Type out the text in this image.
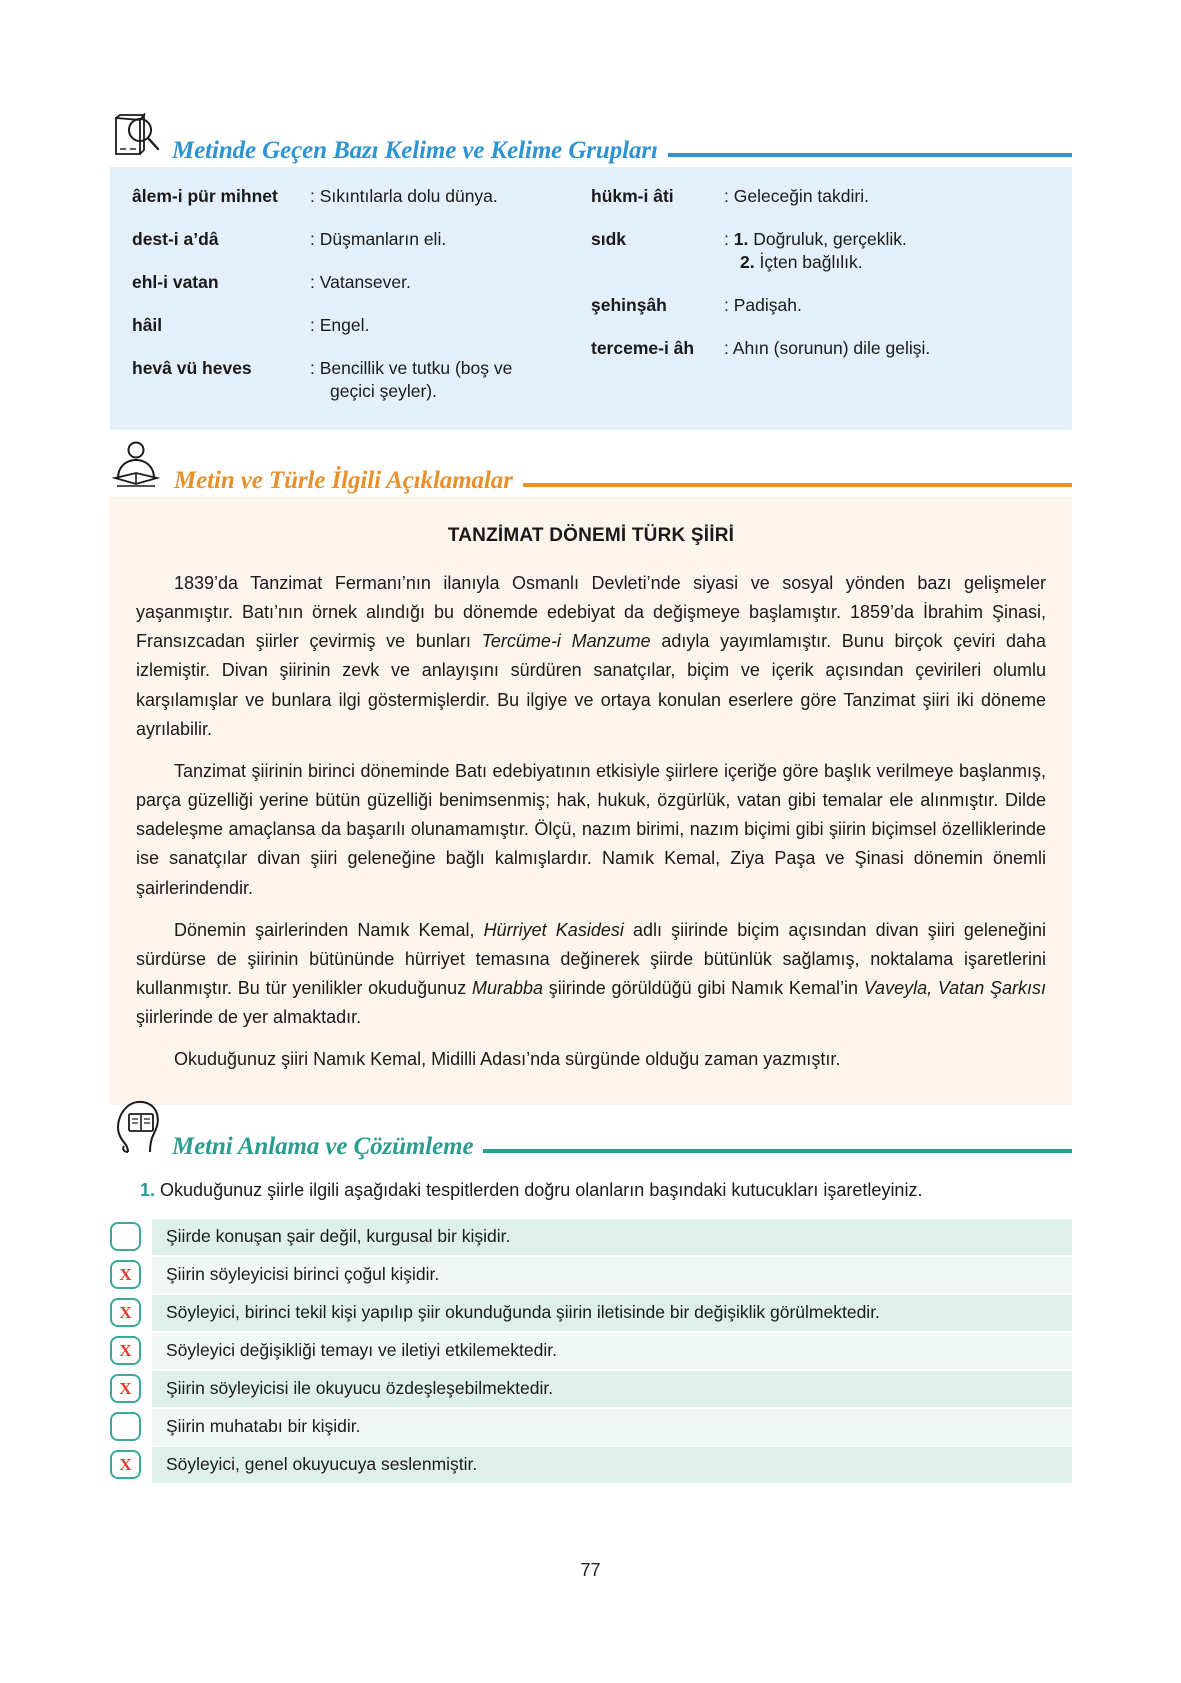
Metinde Geçen Bazı Kelime ve Kelime Grupları
âlem-i pür mihnet	: Sıkıntılarla dolu dünya.
dest-i a’dâ	: Düşmanların eli.
ehl-i vatan	: Vatansever.
hâil	: Engel.
hevâ vü heves	: Bencillik ve tutku (boş ve
geçici şeyler).
hükm-i âti	: Geleceğin takdiri.
sıdk	: 1. Doğruluk, gerçeklik.
2. İçten bağlılık.
şehinşâh	: Padişah.
terceme-i âh	: Ahın (sorunun) dile gelişi.
Metin ve Türle İlgili Açıklamalar
TANZİMAT DÖNEMİ TÜRK ŞİİRİ

1839’da Tanzimat Fermanı’nın ilanıyla Osmanlı Devleti’nde siyasi ve sosyal yönden bazı gelişmeler yaşanmıştır. Batı’nın örnek alındığı bu dönemde edebiyat da değişmeye başlamıştır. 1859’da İbrahim Şinasi, Fransızcadan şiirler çevirmiş ve bunları Tercüme-i Manzume adıyla yayımlamıştır. Bunu birçok çeviri daha izlemiştir. Divan şiirinin zevk ve anlayışını sürdüren sanatçılar, biçim ve içerik açısından çevirileri olumlu karşılamışlar ve bunlara ilgi göstermişlerdir. Bu ilgiye ve ortaya konulan eserlere göre Tanzimat şiiri iki döneme ayrılabilir.

Tanzimat şiirinin birinci döneminde Batı edebiyatının etkisiyle şiirlere içeriğe göre başlık verilmeye başlanmış, parça güzelliği yerine bütün güzelliği benimsenmiş; hak, hukuk, özgürlük, vatan gibi temalar ele alınmıştır. Dilde sadeleşme amaçlansa da başarılı olunamamıştır. Ölçü, nazım birimi, nazım biçimi gibi şiirin biçimsel özelliklerinde ise sanatçılar divan şiiri geleneğine bağlı kalmışlardır. Namık Kemal, Ziya Paşa ve Şinasi dönemin önemli şairlerindendir.

Dönemin şairlerinden Namık Kemal, Hürriyet Kasidesi adlı şiirinde biçim açısından divan şiiri geleneğini sürdürse de şiirinin bütününde hürriyet temasına değinerek şiirde bütünlük sağlamış, noktalama işaretlerini kullanmıştır. Bu tür yenilikler okuduğunuz Murabba şiirinde görüldüğü gibi Namık Kemal’in Vaveyla, Vatan Şarkısı şiirlerinde de yer almaktadır.

Okuduğunuz şiiri Namık Kemal, Midilli Adası’nda sürgünde olduğu zaman yazmıştır.

Metni Anlama ve Çözümleme

1. Okuduğunuz şiirle ilgili aşağıdaki tespitlerden doğru olanların başındaki kutucukları işaretleyiniz.

Şiirde konuşan şair değil, kurgusal bir kişidir.
X	Şiirin söyleyicisi birinci çoğul kişidir.
X	Söyleyici, birinci tekil kişi yapılıp şiir okunduğunda şiirin iletisinde bir değişiklik görülmektedir.
X	Söyleyici değişikliği temayı ve iletiyi etkilemektedir.
X	Şiirin söyleyicisi ile okuyucu özdeşleşebilmektedir.
Şiirin muhatabı bir kişidir.
X	Söyleyici, genel okuyucuya seslenmiştir.
77
